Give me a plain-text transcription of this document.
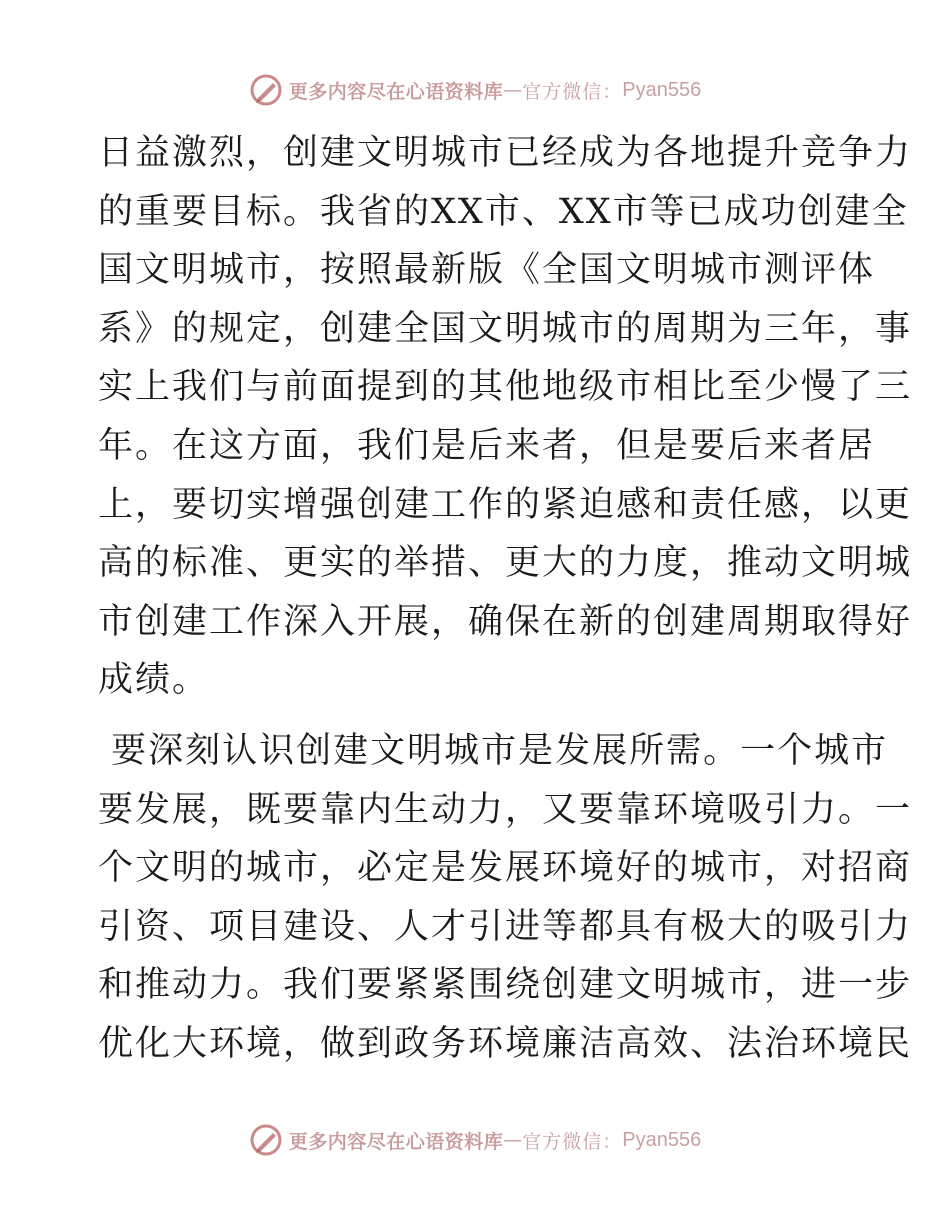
更多内容尽在心语资料库 — 官方微信： Pyan556
日益激烈，创建文明城市已经成为各地提升竞争力
的重要目标。我省的XX市、XX市等已成功创建全
国文明城市，按照最新版《全国文明城市测评体
系》的规定，创建全国文明城市的周期为三年，事
实上我们与前面提到的其他地级市相比至少慢了三
年。在这方面，我们是后来者，但是要后来者居
上，要切实增强创建工作的紧迫感和责任感，以更
高的标准、更实的举措、更大的力度，推动文明城
市创建工作深入开展，确保在新的创建周期取得好
成绩。
要深刻认识创建文明城市是发展所需。一个城市
要发展，既要靠内生动力，又要靠环境吸引力。一
个文明的城市，必定是发展环境好的城市，对招商
引资、项目建设、人才引进等都具有极大的吸引力
和推动力。我们要紧紧围绕创建文明城市，进一步
优化大环境，做到政务环境廉洁高效、法治环境民
更多内容尽在心语资料库 — 官方微信： Pyan556
